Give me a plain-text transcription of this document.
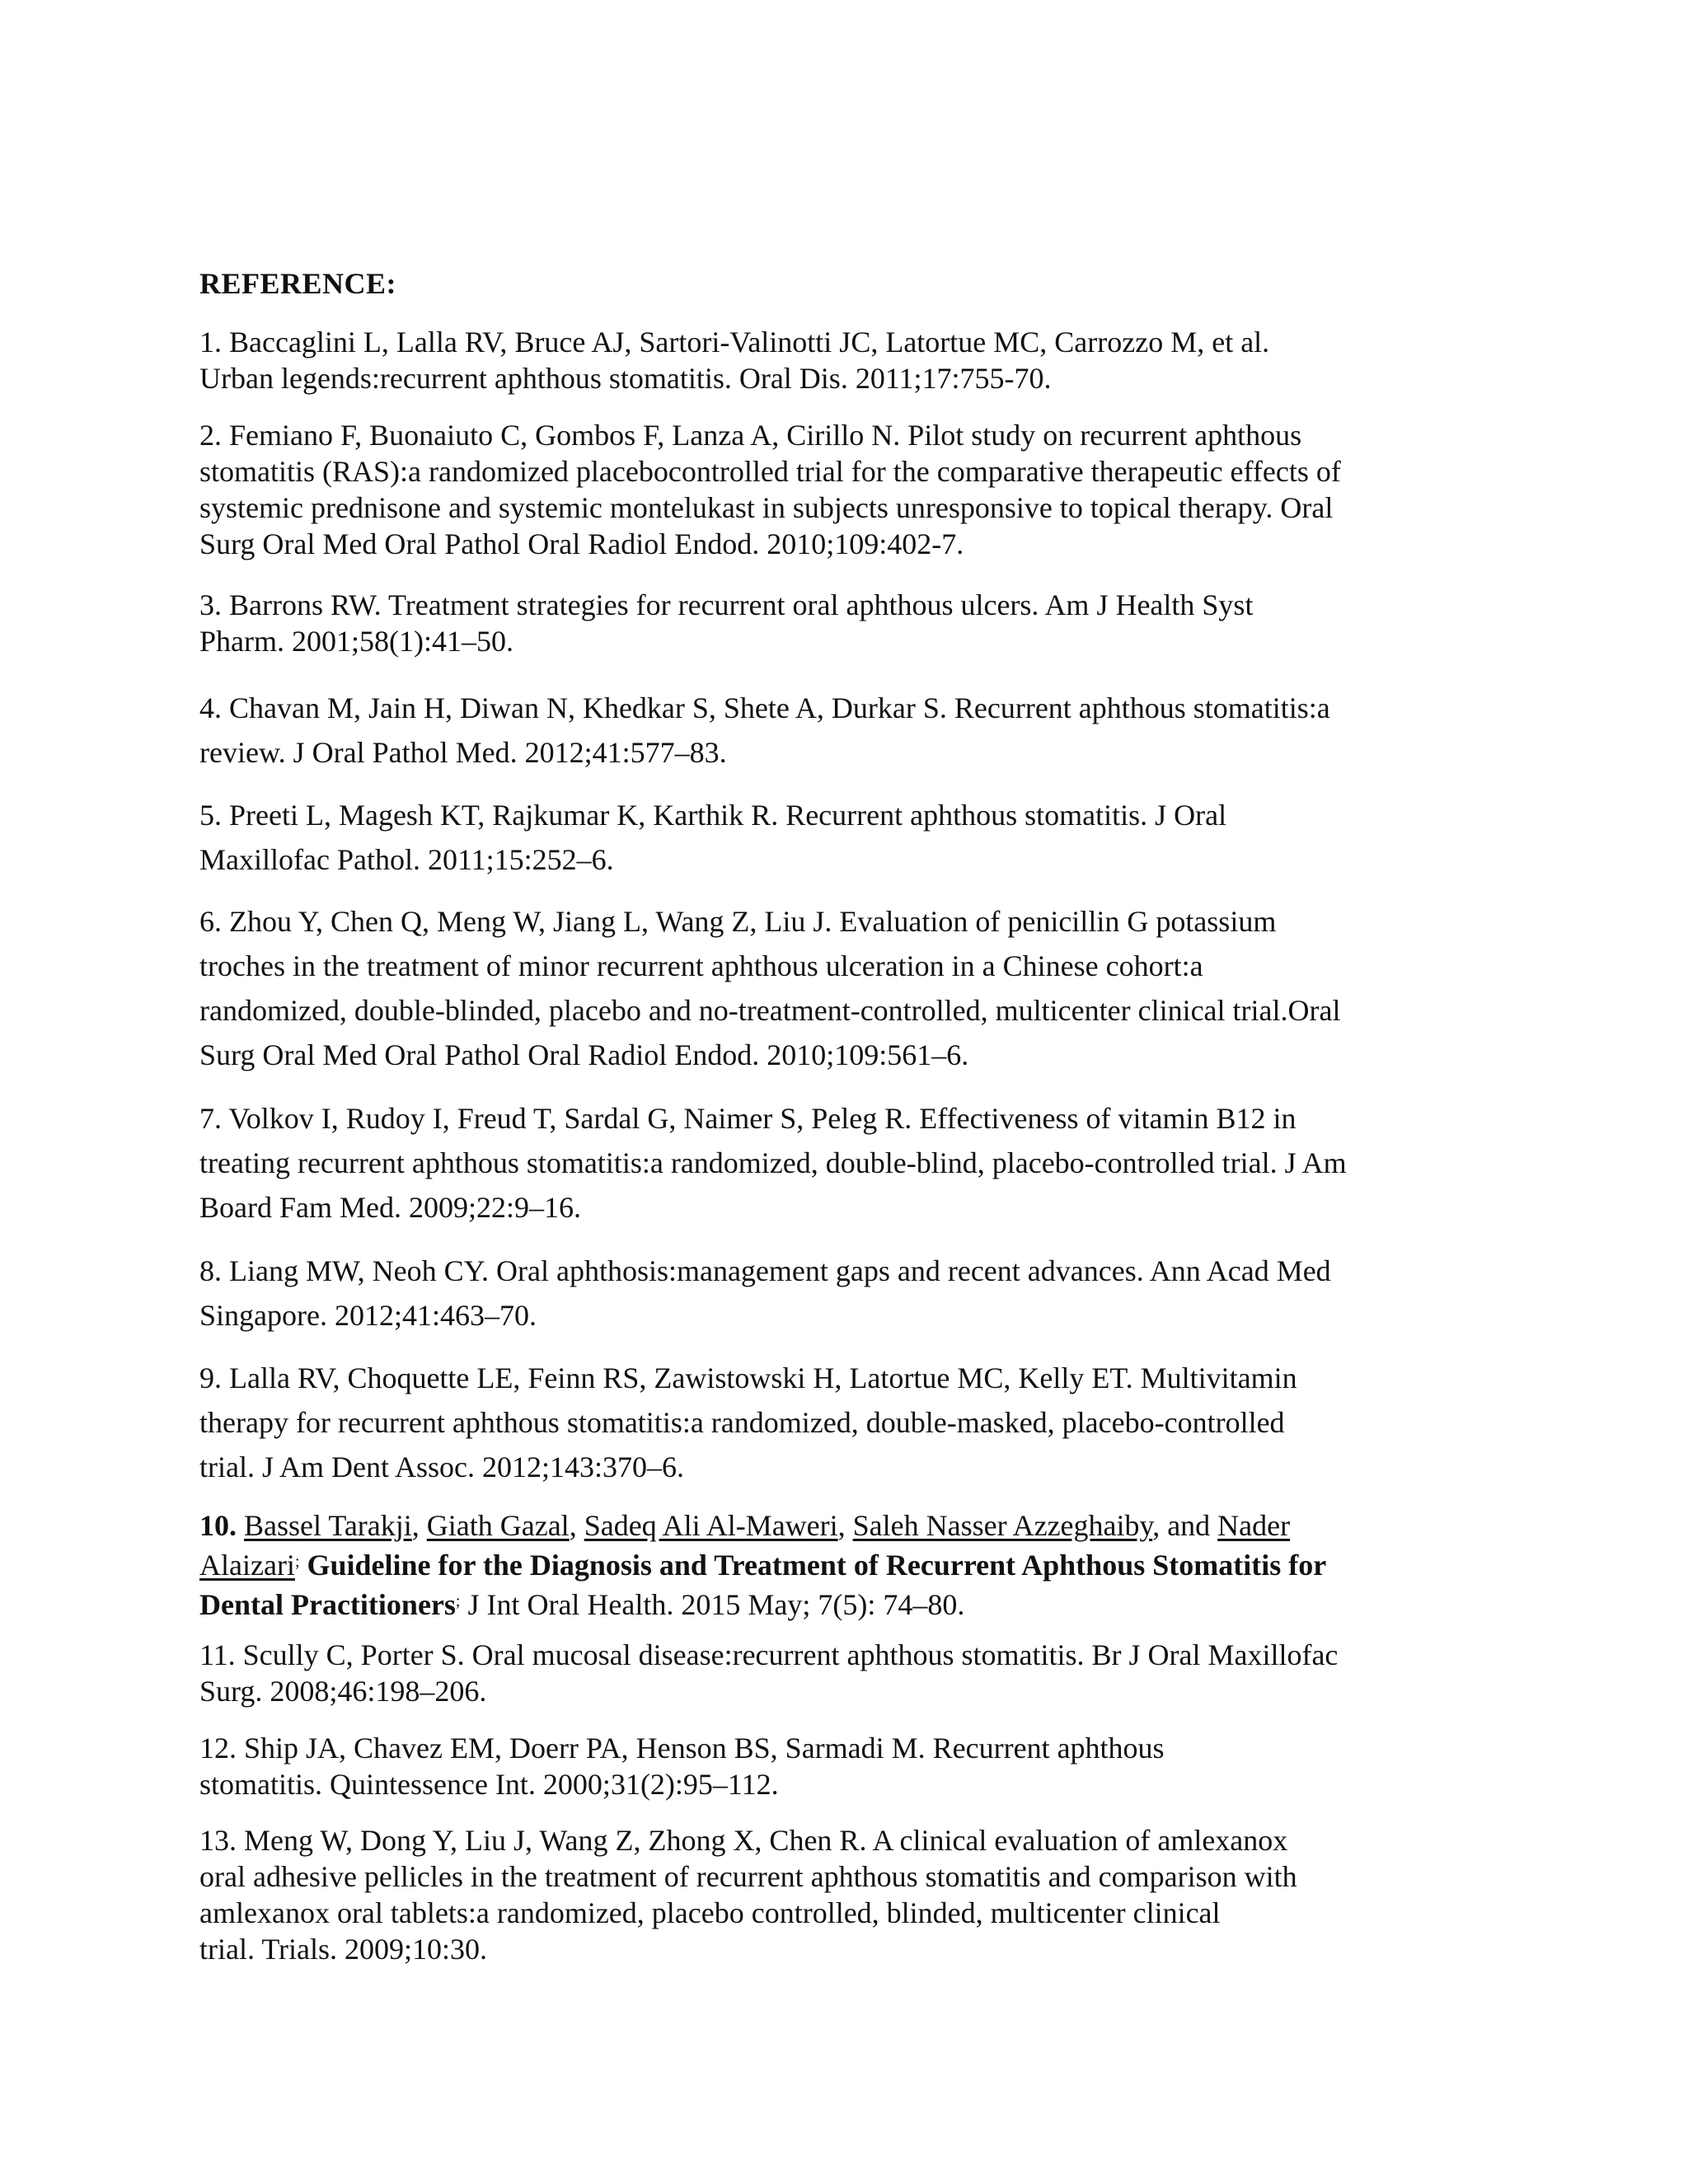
REFERENCE:
1. Baccaglini L, Lalla RV, Bruce AJ, Sartori-Valinotti JC, Latortue MC, Carrozzo M, et al.
Urban legends:recurrent aphthous stomatitis. Oral Dis. 2011;17:755-70.
2. Femiano F, Buonaiuto C, Gombos F, Lanza A, Cirillo N. Pilot study on recurrent aphthous
stomatitis (RAS):a randomized placebocontrolled trial for the comparative therapeutic effects of
systemic prednisone and systemic montelukast in subjects unresponsive to topical therapy. Oral
Surg Oral Med Oral Pathol Oral Radiol Endod. 2010;109:402-7.
3. Barrons RW. Treatment strategies for recurrent oral aphthous ulcers. Am J Health Syst
Pharm. 2001;58(1):41–50.
4. Chavan M, Jain H, Diwan N, Khedkar S, Shete A, Durkar S. Recurrent aphthous stomatitis:a
review. J Oral Pathol Med. 2012;41:577–83.
5. Preeti L, Magesh KT, Rajkumar K, Karthik R. Recurrent aphthous stomatitis. J Oral
Maxillofac Pathol. 2011;15:252–6.
6. Zhou Y, Chen Q, Meng W, Jiang L, Wang Z, Liu J. Evaluation of penicillin G potassium
troches in the treatment of minor recurrent aphthous ulceration in a Chinese cohort:a
randomized, double-blinded, placebo and no-treatment-controlled, multicenter clinical trial.Oral
Surg Oral Med Oral Pathol Oral Radiol Endod. 2010;109:561–6.
7. Volkov I, Rudoy I, Freud T, Sardal G, Naimer S, Peleg R. Effectiveness of vitamin B12 in
treating recurrent aphthous stomatitis:a randomized, double-blind, placebo-controlled trial. J Am
Board Fam Med. 2009;22:9–16.
8. Liang MW, Neoh CY. Oral aphthosis:management gaps and recent advances. Ann Acad Med
Singapore. 2012;41:463–70.
9. Lalla RV, Choquette LE, Feinn RS, Zawistowski H, Latortue MC, Kelly ET. Multivitamin
therapy for recurrent aphthous stomatitis:a randomized, double-masked, placebo-controlled
trial. J Am Dent Assoc. 2012;143:370–6.
10. Bassel Tarakji, Giath Gazal, Sadeq Ali Al-Maweri, Saleh Nasser Azzeghaiby, and Nader
Alaizari; Guideline for the Diagnosis and Treatment of Recurrent Aphthous Stomatitis for
Dental Practitioners; J Int Oral Health. 2015 May; 7(5): 74–80.
11. Scully C, Porter S. Oral mucosal disease:recurrent aphthous stomatitis. Br J Oral Maxillofac
Surg. 2008;46:198–206.
12. Ship JA, Chavez EM, Doerr PA, Henson BS, Sarmadi M. Recurrent aphthous
stomatitis. Quintessence Int. 2000;31(2):95–112.
13. Meng W, Dong Y, Liu J, Wang Z, Zhong X, Chen R. A clinical evaluation of amlexanox
oral adhesive pellicles in the treatment of recurrent aphthous stomatitis and comparison with
amlexanox oral tablets:a randomized, placebo controlled, blinded, multicenter clinical
trial. Trials. 2009;10:30.
